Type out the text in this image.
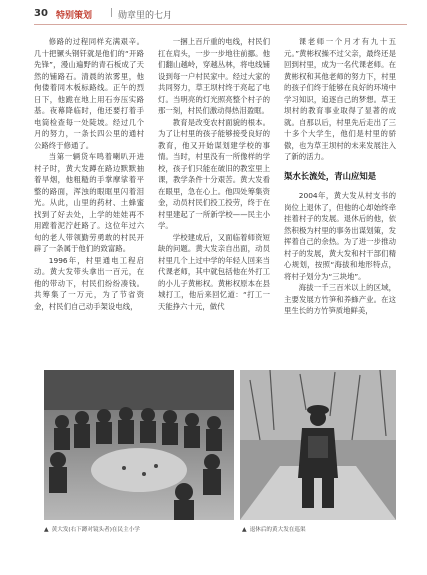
30 特别策划 | 勋章里的七月

修路的过程同样充满艰辛。几十把镢头钢钎就是他们的“开路先锋”，漫山遍野的青石板成了天然的铺路石。清晨的浓雾里，他佝偻着同木板标路线。正午的烈日下，他跪在地上用石夯压实路基。夜幕降临时，他还要打着手电筒检查每一处陡坡。经过几个月的努力，一条长四公里的通村公路终于修通了。

当第一辆货车鸣着喇叭开进村子时，黄大发蹲在路边默默抽着旱烟，他粗糙的手掌摩挲着平整的路面，浑浊的眼眶里闪着泪光。从此，山里的药材、土蜂蜜找到了好去处，上学的娃娃再不用蹚着泥泞赶路了。这位年过六旬的老人带领勤劳勇敢的村民开辟了一条属于他们的致富路。

1996年，村里通电工程启动。黄大发带头拿出一百元，在他的带动下，村民们纷纷凑钱。共筹集了一万元，为了节省资金，村民们自己动手架设电线，

一捆上百斤重的电线，村民们扛在肩头，一步一步地往前挪。他们翻山越岭，穿越丛林，将电线铺设到每一户村民家中。经过大家的共同努力，草王坝村终于亮起了电灯。当明亮的灯光照亮整个村子的那一刻，村民们激动得热泪盈眶。

教育是改变农村面貌的根本。为了让村里的孩子能够接受良好的教育，他又开始谋划建学校的事情。当时，村里没有一所像样的学校，孩子们只能在破旧的教室里上课，教学条件十分艰苦。黄大发看在眼里，急在心上。他四处筹集资金，动员村民们投工投劳，终于在村里建起了一所新学校——民主小学。

学校建成后，又面临着师资短缺的问题。黄大发亲自出面，动员村里几个上过中学的年轻人回来当代课老师，其中就包括他在外打工的小儿子黄彬权。黄彬权原本在县城打工，他后来回忆道：“打工一天能挣六十元，做代

课老师一个月才有九十五元。”黄彬权操不过父亲，最终还是回到村里，成为一名代课老师。在黄彬权和其他老师的努力下，村里的孩子们终于能够在良好的环境中学习知识，追逐自己的梦想。草王坝村的教育事业取得了显著的成就。自那以后，村里先后走出了三十多个大学生，他们是村里的骄傲，也为草王坝村的未来发展注入了新的活力。

渠水长流处，青山应知是

2004年，黄大发从村支书的岗位上退休了，但他的心却始终牵挂着村子的发展。退休后的他，依然积极为村里的事务出谋划策，发挥着自己的余热。为了进一步推动村子的发展，黄大发和村干部们精心规划，按照“海拔和地形特点，将村子划分为“三块地”。

海拔一千三百米以上的区域，主要发展方竹笋和养蜂产业。在这里生长的方竹笋质地鲜美，

▲ 黄大发(右下蹲对镜头者)在民主小学	▲ 退休后的黄大发在巡渠
